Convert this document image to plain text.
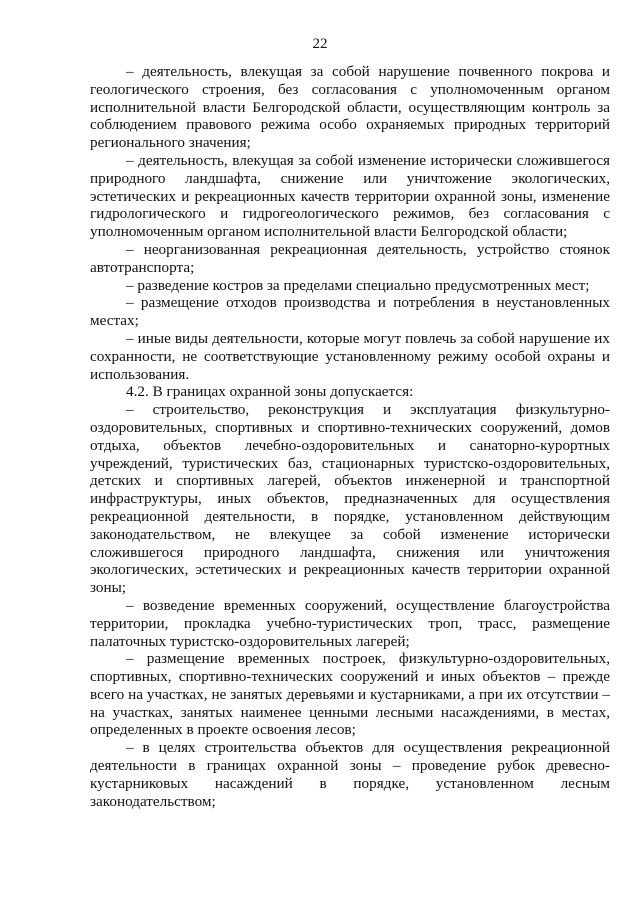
22

– деятельность, влекущая за собой нарушение почвенного покрова и геологического строения, без согласования с уполномоченным органом исполнительной власти Белгородской области, осуществляющим контроль за соблюдением правового режима особо охраняемых природных территорий регионального значения;

– деятельность, влекущая за собой изменение исторически сложившегося природного ландшафта, снижение или уничтожение экологических, эстетических и рекреационных качеств территории охранной зоны, изменение гидрологического и гидрогеологического режимов, без согласования с уполномоченным органом исполнительной власти Белгородской области;

– неорганизованная рекреационная деятельность, устройство стоянок автотранспорта;

– разведение костров за пределами специально предусмотренных мест;

– размещение отходов производства и потребления в неустановленных местах;

– иные виды деятельности, которые могут повлечь за собой нарушение их сохранности, не соответствующие установленному режиму особой охраны и использования.

4.2. В границах охранной зоны допускается:

– строительство, реконструкция и эксплуатация физкультурно-оздоровительных, спортивных и спортивно-технических сооружений, домов отдыха, объектов лечебно-оздоровительных и санаторно-курортных учреждений, туристических баз, стационарных туристско-оздоровительных, детских и спортивных лагерей, объектов инженерной и транспортной инфраструктуры, иных объектов, предназначенных для осуществления рекреационной деятельности, в порядке, установленном действующим законодательством, не влекущее за собой изменение исторически сложившегося природного ландшафта, снижения или уничтожения экологических, эстетических и рекреационных качеств территории охранной зоны;

– возведение временных сооружений, осуществление благоустройства территории, прокладка учебно-туристических троп, трасс, размещение палаточных туристско-оздоровительных лагерей;

– размещение временных построек, физкультурно-оздоровительных, спортивных, спортивно-технических сооружений и иных объектов – прежде всего на участках, не занятых деревьями и кустарниками, а при их отсутствии – на участках, занятых наименее ценными лесными насаждениями, в местах, определенных в проекте освоения лесов;

– в целях строительства объектов для осуществления рекреационной деятельности в границах охранной зоны – проведение рубок древесно-кустарниковых насаждений в порядке, установленном лесным законодательством;
